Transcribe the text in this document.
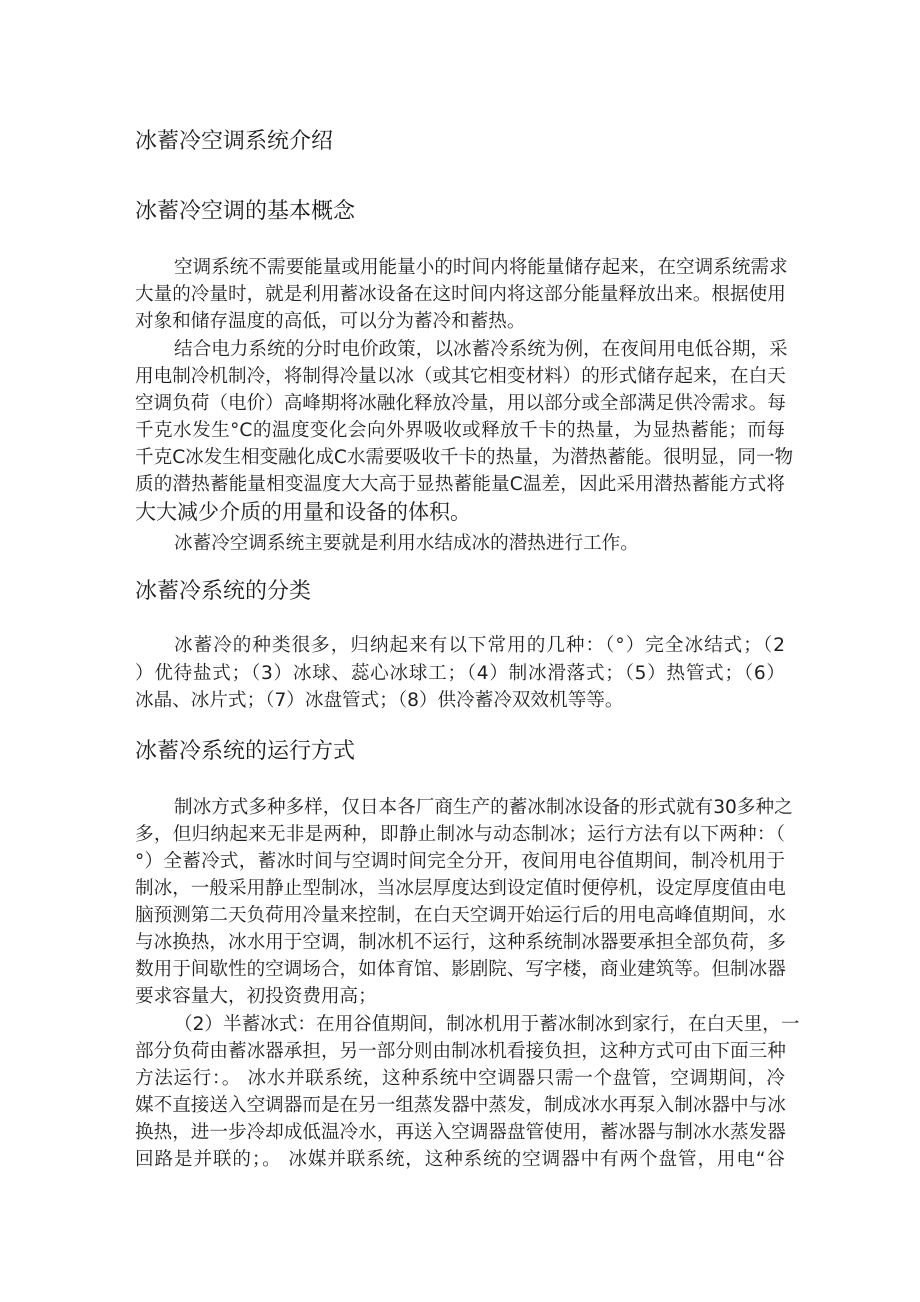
冰蓄冷空调系统介绍
冰蓄冷空调的基本概念
空调系统不需要能量或用能量小的时间内将能量储存起来，在空调系统需求
大量的冷量时，就是利用蓄冰设备在这时间内将这部分能量释放出来。根据使用
对象和储存温度的高低，可以分为蓄冷和蓄热。
结合电力系统的分时电价政策，以冰蓄冷系统为例，在夜间用电低谷期，采
用电制冷机制冷，将制得冷量以冰（或其它相变材料）的形式储存起来，在白天
空调负荷（电价）高峰期将冰融化释放冷量，用以部分或全部满足供冷需求。每
千克水发生°C的温度变化会向外界吸收或释放千卡的热量，为显热蓄能；而每
千克C冰发生相变融化成C水需要吸收千卡的热量，为潜热蓄能。很明显，同一物
质的潜热蓄能量相变温度大大高于显热蓄能量C温差，因此采用潜热蓄能方式将
大大减少介质的用量和设备的体积。
冰蓄冷空调系统主要就是利用水结成冰的潜热进行工作。
冰蓄冷系统的分类
冰蓄冷的种类很多，归纳起来有以下常用的几种：（°）完全冰结式；（2
）优待盐式；（3）冰球、蕊心冰球工；（4）制冰滑落式；（5）热管式；（6）
冰晶、冰片式；（7）冰盘管式；（8）供冷蓄冷双效机等等。
冰蓄冷系统的运行方式
制冰方式多种多样，仅日本各厂商生产的蓄冰制冰设备的形式就有30多种之
多，但归纳起来无非是两种，即静止制冰与动态制冰；运行方法有以下两种：（
°）全蓄冷式，蓄冰时间与空调时间完全分开，夜间用电谷值期间，制冷机用于
制冰，一般采用静止型制冰，当冰层厚度达到设定值时便停机，设定厚度值由电
脑预测第二天负荷用冷量来控制，在白天空调开始运行后的用电高峰值期间，水
与冰换热，冰水用于空调，制冰机不运行，这种系统制冰器要承担全部负荷，多
数用于间歇性的空调场合，如体育馆、影剧院、写字楼，商业建筑等。但制冰器
要求容量大，初投资费用高；
（2）半蓄冰式：在用谷值期间，制冰机用于蓄冰制冰到家行，在白天里，一
部分负荷由蓄冰器承担，另一部分则由制冰机看接负担，这种方式可由下面三种
方法运行：。 冰水并联系统，这种系统中空调器只需一个盘管，空调期间，冷
媒不直接送入空调器而是在另一组蒸发器中蒸发，制成冰水再泵入制冰器中与冰
换热，进一步冷却成低温冷水，再送入空调器盘管使用，蓄冰器与制冰水蒸发器
回路是并联的；。 冰媒并联系统，这种系统的空调器中有两个盘管，用电“谷
